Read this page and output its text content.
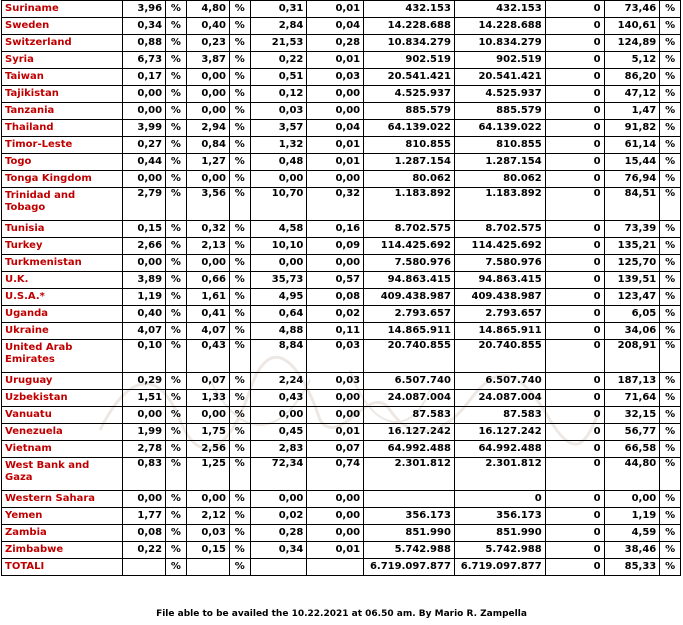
Suriname	3,96	%	4,80	%	0,31	0,01	432.153	432.153	0	73,46	%
Sweden	0,34	%	0,40	%	2,84	0,04	14.228.688	14.228.688	0	140,61	%
Switzerland	0,88	%	0,23	%	21,53	0,28	10.834.279	10.834.279	0	124,89	%
Syria	6,73	%	3,87	%	0,22	0,01	902.519	902.519	0	5,12	%
Taiwan	0,17	%	0,00	%	0,51	0,03	20.541.421	20.541.421	0	86,20	%
Tajikistan	0,00	%	0,00	%	0,12	0,00	4.525.937	4.525.937	0	47,12	%
Tanzania	0,00	%	0,00	%	0,03	0,00	885.579	885.579	0	1,47	%
Thailand	3,99	%	2,94	%	3,57	0,04	64.139.022	64.139.022	0	91,82	%
Timor-Leste	0,27	%	0,84	%	1,32	0,01	810.855	810.855	0	61,14	%
Togo	0,44	%	1,27	%	0,48	0,01	1.287.154	1.287.154	0	15,44	%
Tonga Kingdom	0,00	%	0,00	%	0,00	0,00	80.062	80.062	0	76,94	%
Trinidad and Tobago	2,79	%	3,56	%	10,70	0,32	1.183.892	1.183.892	0	84,51	%
Tunisia	0,15	%	0,32	%	4,58	0,16	8.702.575	8.702.575	0	73,39	%
Turkey	2,66	%	2,13	%	10,10	0,09	114.425.692	114.425.692	0	135,21	%
Turkmenistan	0,00	%	0,00	%	0,00	0,00	7.580.976	7.580.976	0	125,70	%
U.K.	3,89	%	0,66	%	35,73	0,57	94.863.415	94.863.415	0	139,51	%
U.S.A.*	1,19	%	1,61	%	4,95	0,08	409.438.987	409.438.987	0	123,47	%
Uganda	0,40	%	0,41	%	0,64	0,02	2.793.657	2.793.657	0	6,05	%
Ukraine	4,07	%	4,07	%	4,88	0,11	14.865.911	14.865.911	0	34,06	%
United Arab Emirates	0,10	%	0,43	%	8,84	0,03	20.740.855	20.740.855	0	208,91	%
Uruguay	0,29	%	0,07	%	2,24	0,03	6.507.740	6.507.740	0	187,13	%
Uzbekistan	1,51	%	1,33	%	0,43	0,00	24.087.004	24.087.004	0	71,64	%
Vanuatu	0,00	%	0,00	%	0,00	0,00	87.583	87.583	0	32,15	%
Venezuela	1,99	%	1,75	%	0,45	0,01	16.127.242	16.127.242	0	56,77	%
Vietnam	2,78	%	2,56	%	2,83	0,07	64.992.488	64.992.488	0	66,58	%
West Bank and Gaza	0,83	%	1,25	%	72,34	0,74	2.301.812	2.301.812	0	44,80	%
Western Sahara	0,00	%	0,00	%	0,00	0,00		0	0	0,00	%
Yemen	1,77	%	2,12	%	0,02	0,00	356.173	356.173	0	1,19	%
Zambia	0,08	%	0,03	%	0,28	0,00	851.990	851.990	0	4,59	%
Zimbabwe	0,22	%	0,15	%	0,34	0,01	5.742.988	5.742.988	0	38,46	%
TOTALI		%		%			6.719.097.877	6.719.097.877	0	85,33	%
File able to be availed the 10.22.2021 at 06.50 am. By Mario R. Zampella
